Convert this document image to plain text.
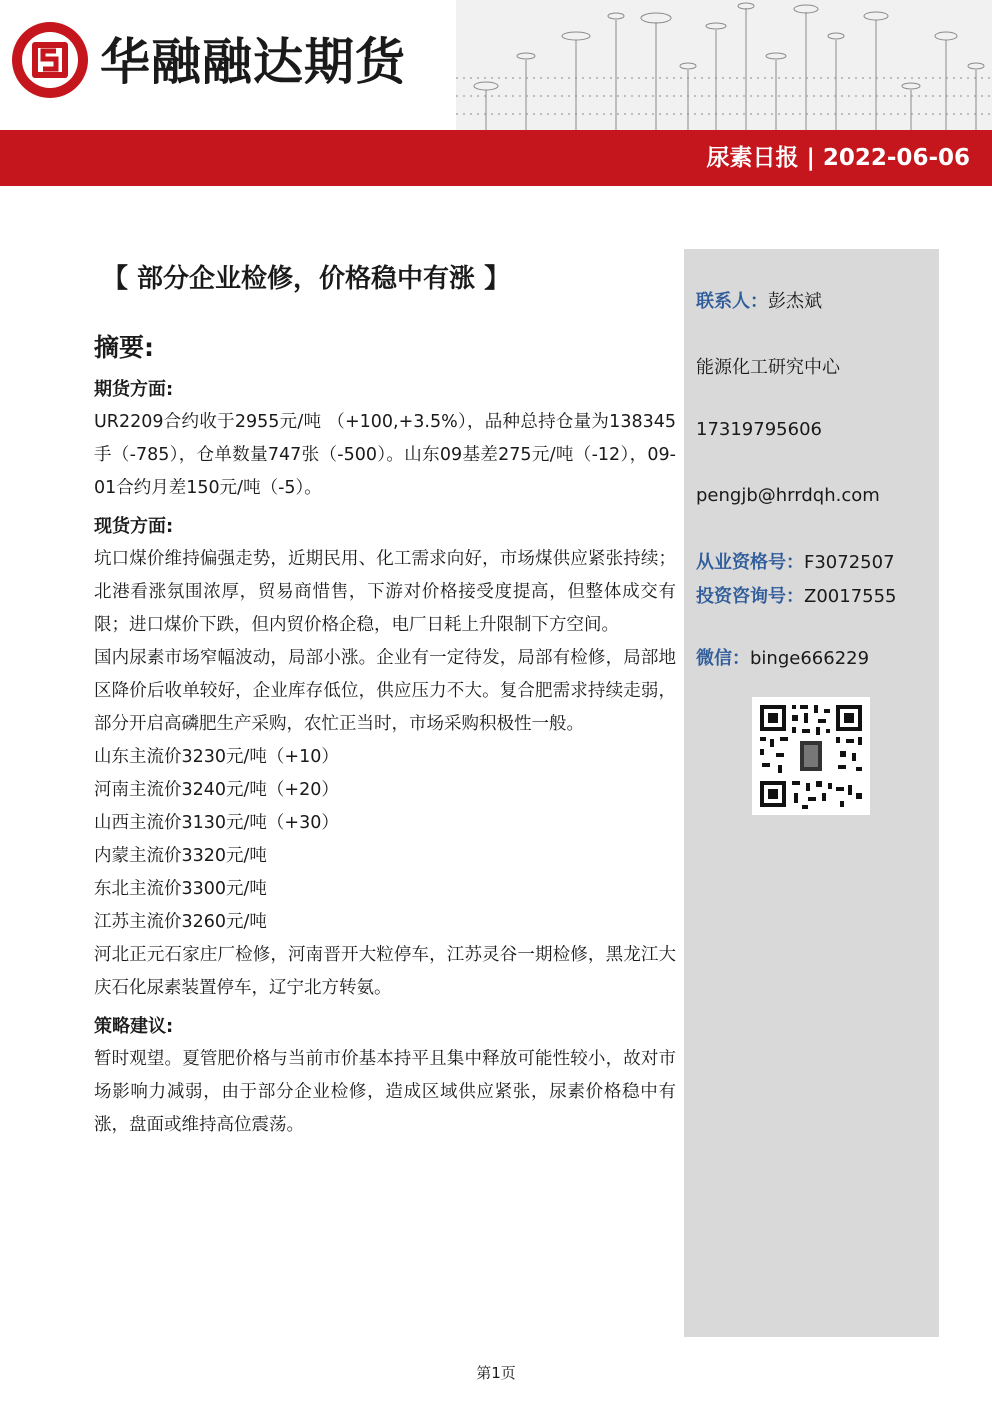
华融融达期货
尿素日报 | 2022-06-06
【 部分企业检修，价格稳中有涨 】
摘要:
期货方面:
UR2209合约收于2955元/吨 （+100,+3.5%），品种总持仓量为138345手（-785），仓单数量747张（-500）。山东09基差275元/吨（-12），09-01合约月差150元/吨（-5）。
现货方面:
坑口煤价维持偏强走势，近期民用、化工需求向好，市场煤供应紧张持续；北港看涨氛围浓厚，贸易商惜售，下游对价格接受度提高，但整体成交有限；进口煤价下跌，但内贸价格企稳，电厂日耗上升限制下方空间。
国内尿素市场窄幅波动，局部小涨。企业有一定待发，局部有检修，局部地区降价后收单较好，企业库存低位，供应压力不大。复合肥需求持续走弱，部分开启高磷肥生产采购，农忙正当时，市场采购积极性一般。
山东主流价3230元/吨（+10）
河南主流价3240元/吨（+20）
山西主流价3130元/吨（+30）
内蒙主流价3320元/吨
东北主流价3300元/吨
江苏主流价3260元/吨
河北正元石家庄厂检修，河南晋开大粒停车，江苏灵谷一期检修，黑龙江大庆石化尿素装置停车，辽宁北方转氨。
策略建议:
暂时观望。夏管肥价格与当前市价基本持平且集中释放可能性较小，故对市场影响力减弱，由于部分企业检修，造成区域供应紧张，尿素价格稳中有涨，盘面或维持高位震荡。
联系人：彭杰斌
能源化工研究中心
17319795606
pengjb@hrrdqh.com
从业资格号：F3072507
投资咨询号：Z0017555
微信：binge666229
第1页
